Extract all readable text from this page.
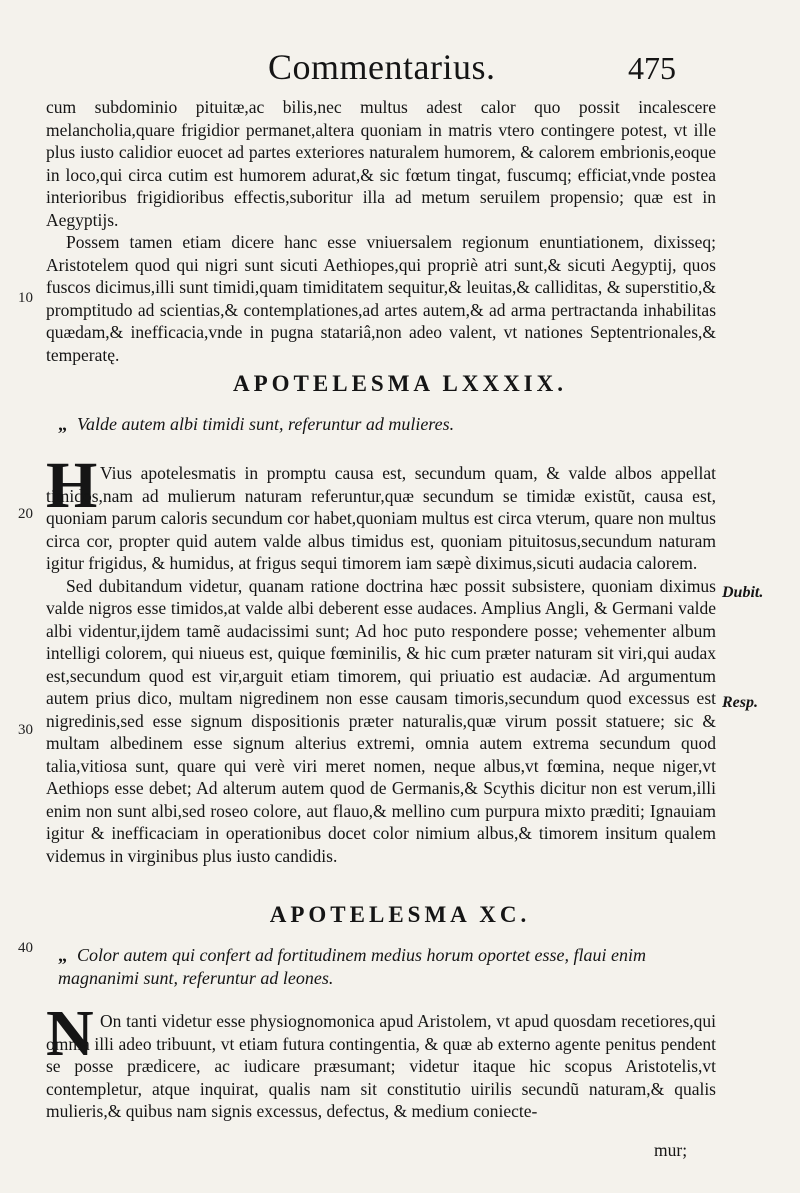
Commentarius.	475

cum subdominio pituitæ,ac bilis,nec multus adest calor quo possit incalescere melancholia,quare frigidior permanet,altera quoniam in matris vtero contingere potest, vt ille plus iusto calidior euocet ad partes exteriores naturalem humorem, & calorem embrionis,eoque in loco,qui circa cutim est humorem adurat,& sic fœtum tingat, fuscumq; efficiat,vnde postea interioribus frigidioribus effectis,suboritur illa ad metum seruilem propensio; quæ est in Aegyptijs.

Possem tamen etiam dicere hanc esse vniuersalem regionum enuntiationem, dixisseq; Aristotelem quod qui nigri sunt sicuti Aethiopes,qui propriè atri sunt,& sicuti Aegyptij, quos fuscos dicimus,illi sunt timidi,quam timiditatem sequitur,& leuitas,& calliditas, & superstitio,& promptitudo ad scientias,& contemplationes,ad artes autem,& ad arma pertractanda inhabilitas quædam,& inefficacia,vnde in pugna statariâ,non adeo valent, vt nationes Septentrionales,& temperatę.

APOTELESMA LXXXIX.
„ Valde autem albi timidi sunt, referuntur ad mulieres.
H Vius apotelesmatis in promptu causa est, secundum quam, & valde albos appellat timidos,nam ad mulierum naturam referuntur,quæ secundum se timidæ existũt, causa est, quoniam parum caloris secundum cor habet,quoniam multus est circa vterum, quare non multus circa cor, propter quid autem valde albus timidus est, quoniam pituitosus,secundum naturam igitur frigidus, & humidus, at frigus sequi timorem iam sæpè diximus,sicuti audacia calorem.

Sed dubitandum videtur, quanam ratione doctrina hæc possit subsistere, quoniam diximus valde nigros esse timidos,at valde albi deberent esse audaces. Amplius Angli, & Germani valde albi videntur,ijdem tamẽ audacissimi sunt; Ad hoc puto respondere posse; vehementer album intelligi colorem, qui niueus est, quique fœminilis, & hic cum præter naturam sit viri,qui audax est,secundum quod est vir,arguit etiam timorem, qui priuatio est audaciæ. Ad argumentum autem prius dico, multam nigredinem non esse causam timoris,secundum quod excessus est nigredinis,sed esse signum dispositionis præter naturalis,quæ virum possit statuere; sic & multam albedinem esse signum alterius extremi, omnia autem extrema secundum quod talia,vitiosa sunt, quare qui verè viri meret nomen, neque albus,vt fœmina, neque niger,vt Aethiops esse debet; Ad alterum autem quod de Germanis,& Scythis dicitur non est verum,illi enim non sunt albi,sed roseo colore, aut flauo,& mellino cum purpura mixto præditi; Ignauiam igitur & inefficaciam in operationibus docet color nimium albus,& timorem insitum qualem videmus in virginibus plus iusto candidis.

APOTELESMA XC.
„ Color autem qui confert ad fortitudinem medius horum oportet esse, flaui enim magnanimi sunt, referuntur ad leones.
N On tanti videtur esse physiognomonica apud Aristolem, vt apud quosdam recetiores,qui omnia illi adeo tribuunt, vt etiam futura contingentia, & quæ ab externo agente penitus pendent se posse prædicere, ac iudicare præsumant; videtur itaque hic scopus Aristotelis,vt contempletur, atque inquirat, qualis nam sit constitutio uirilis secundũ naturam,& qualis mulieris,& quibus nam signis excessus, defectus, & medium coniecte-

mur;
10
20
30
40
Dubit.
Resp.
